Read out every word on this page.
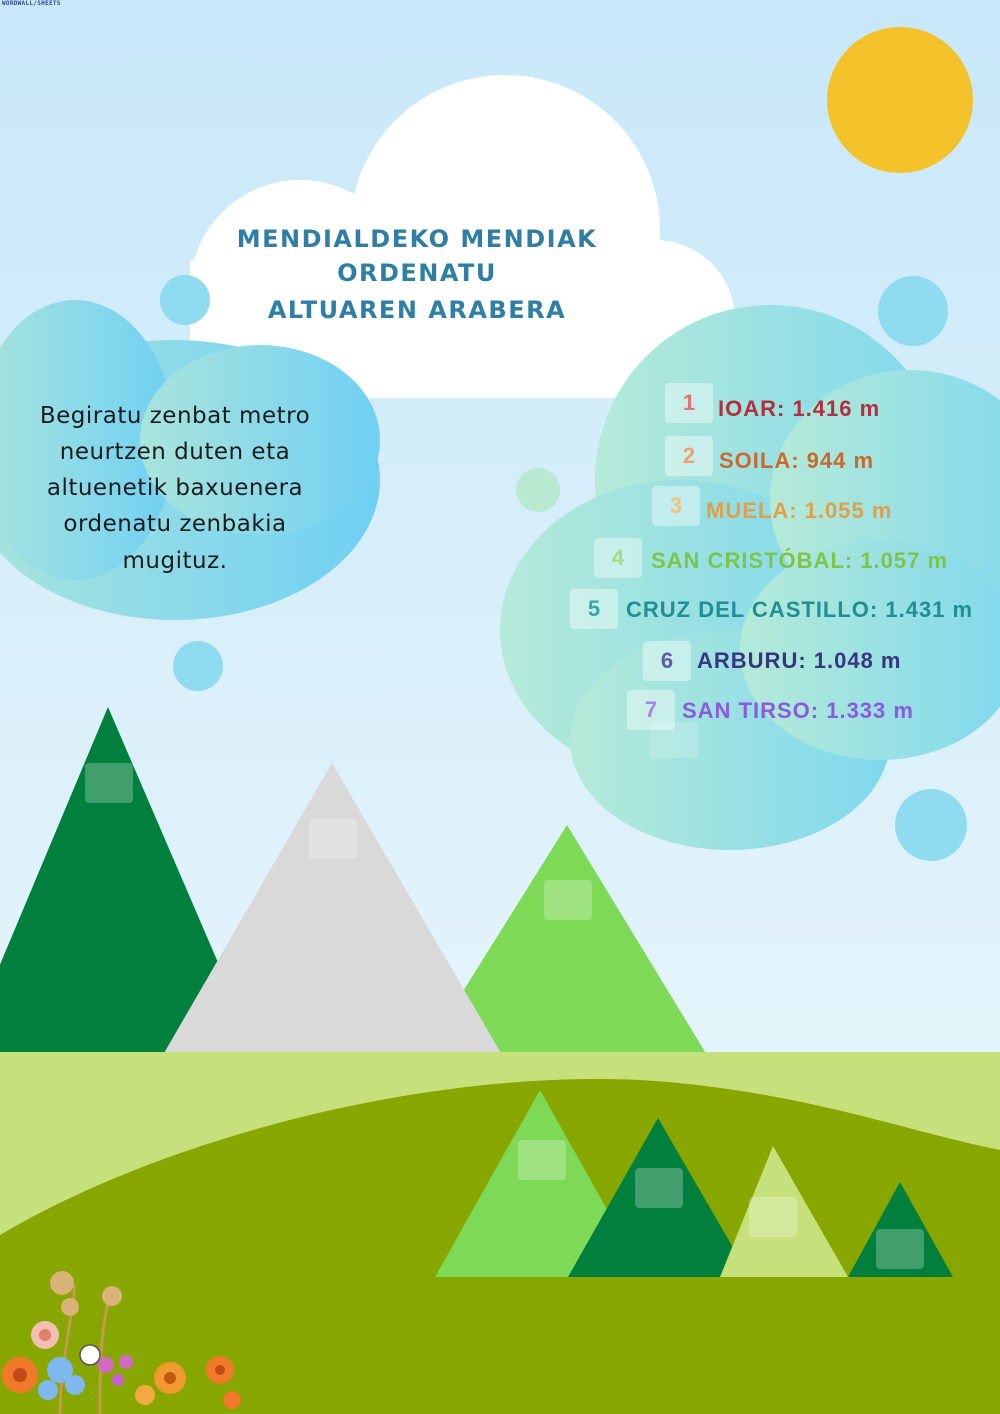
WORDWALL/SHEETS
MENDIALDEKO MENDIAK
ORDENATU
ALTUAREN ARABERA
Begiratu zenbat metro
neurtzen duten eta
altuenetik baxuenera
ordenatu zenbakia
mugituz.
1	IOAR: 1.416 m
2	SOILA: 944 m
3	MUELA: 1.055 m
4	SAN CRISTÓBAL: 1.057 m
5	CRUZ DEL CASTILLO: 1.431 m
6	ARBURU: 1.048 m
7	SAN TIRSO: 1.333 m
